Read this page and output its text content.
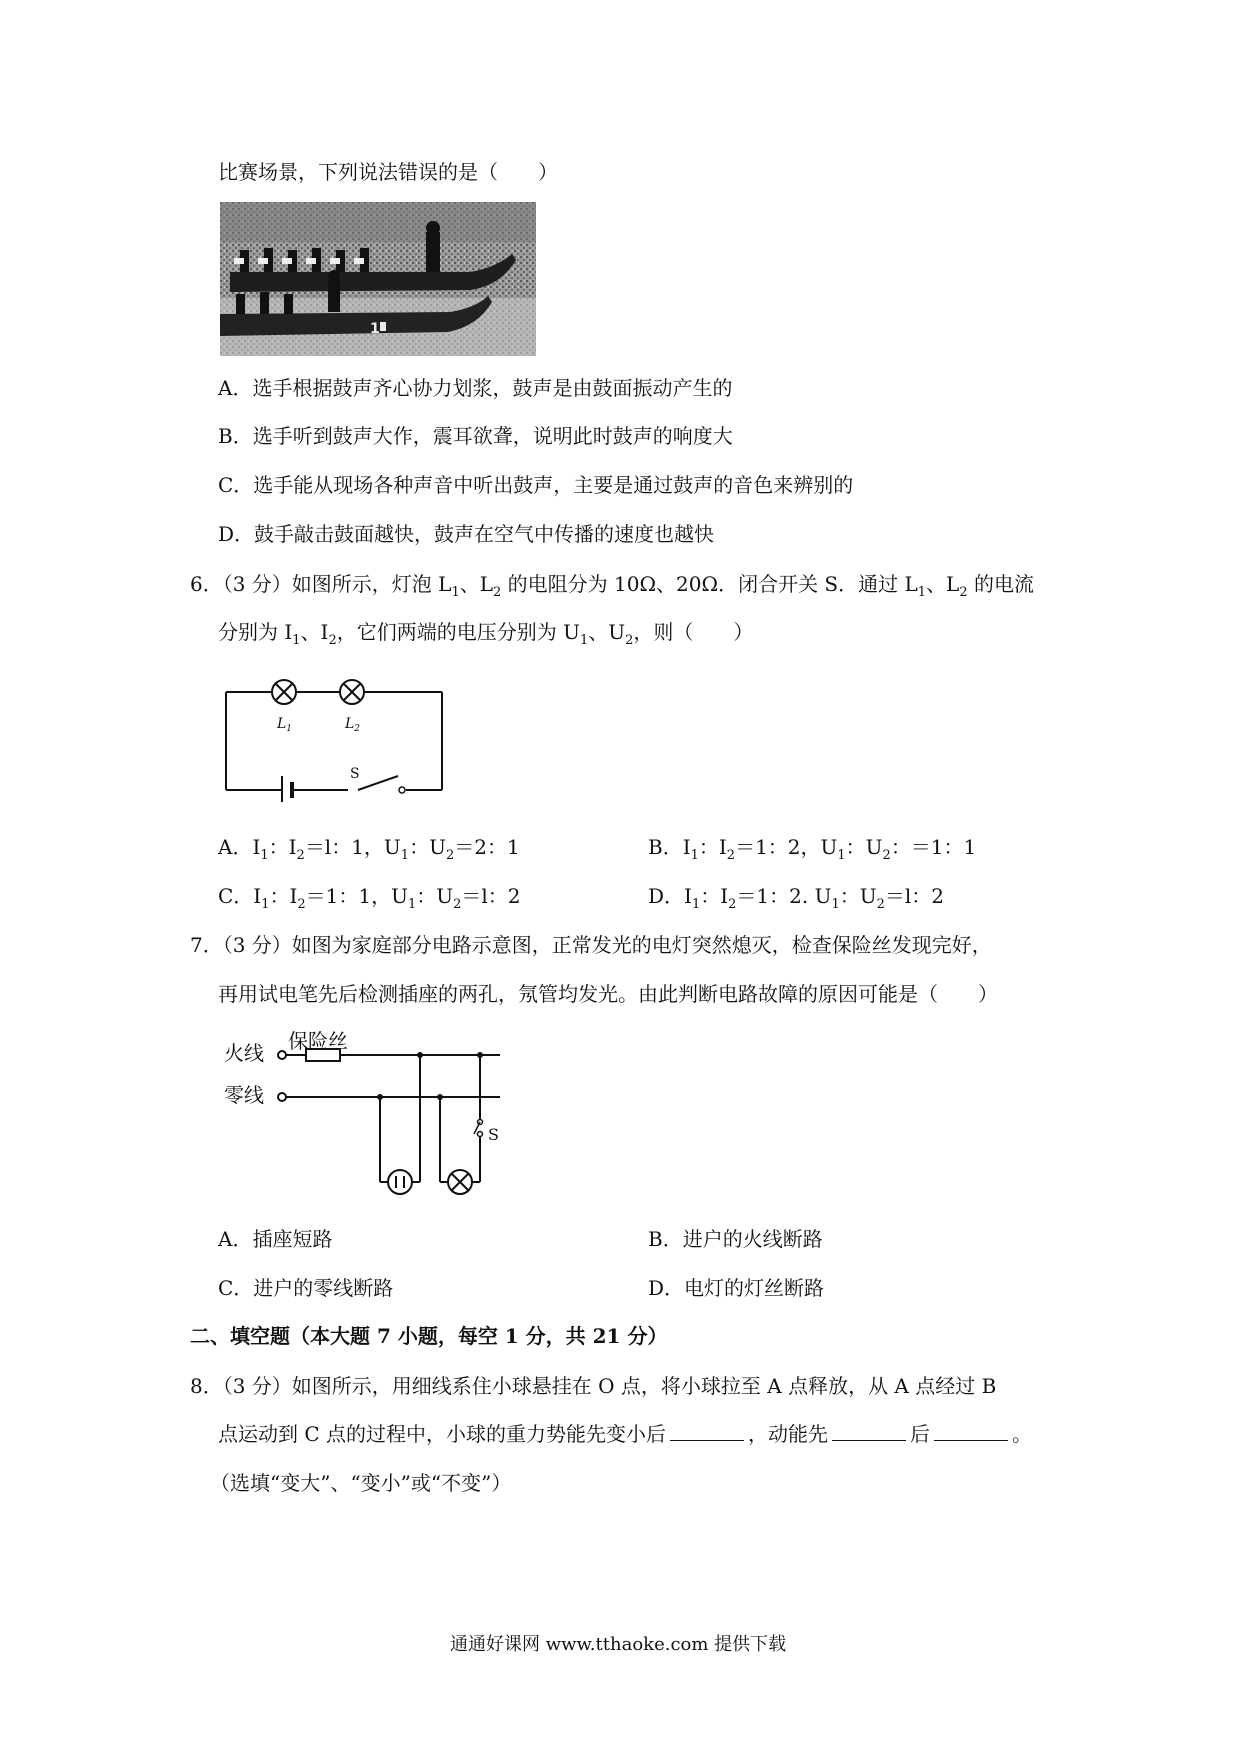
比赛场景，下列说法错误的是（　　）
1
A．选手根据鼓声齐心协力划浆，鼓声是由鼓面振动产生的
B．选手听到鼓声大作，震耳欲聋，说明此时鼓声的响度大
C．选手能从现场各种声音中听出鼓声，主要是通过鼓声的音色来辨别的
D．鼓手敲击鼓面越快，鼓声在空气中传播的速度也越快
6．（3 分）如图所示，灯泡 $L_1$、$L_2$ 的电阻分为 10Ω、20Ω．闭合开关 S．通过 $L_1$、$L_2$ 的电流
分别为 $I_1$、$I_2$，它们两端的电压分别为 $U_1$、$U_2$，则（　　）
$L_1$	$L_2$
S
A．$I_1$：$I_2=l$：1，$U_1$：$U_2=2$：1	B．$I_1$：$I_2=1$：2，$U_1$：$U_2$：＝1：1
C．$I_1$：$I_2=1$：1，$U_1$：$U_2=l$：2	D．$I_1$：$I_2=1$：2. $U_1$：$U_2=l$：2
7．（3 分）如图为家庭部分电路示意图，正常发光的电灯突然熄灭，检查保险丝发现完好，
再用试电笔先后检测插座的两孔，氖管均发光。由此判断电路故障的原因可能是（　　）
火线
零线
保险丝
S
A．插座短路	B．进户的火线断路
C．进户的零线断路	D．电灯的灯丝断路
二、填空题（本大题 7 小题，每空 1 分，共 21 分）
8．（3 分）如图所示，用细线系住小球悬挂在 O 点，将小球拉至 A 点释放，从 A 点经过 B
点运动到 C 点的过程中，小球的重力势能先变小后	，动能先	后	。
（选填“变大”、“变小”或“不变”）
通通好课网 www.tthaoke.com 提供下载
